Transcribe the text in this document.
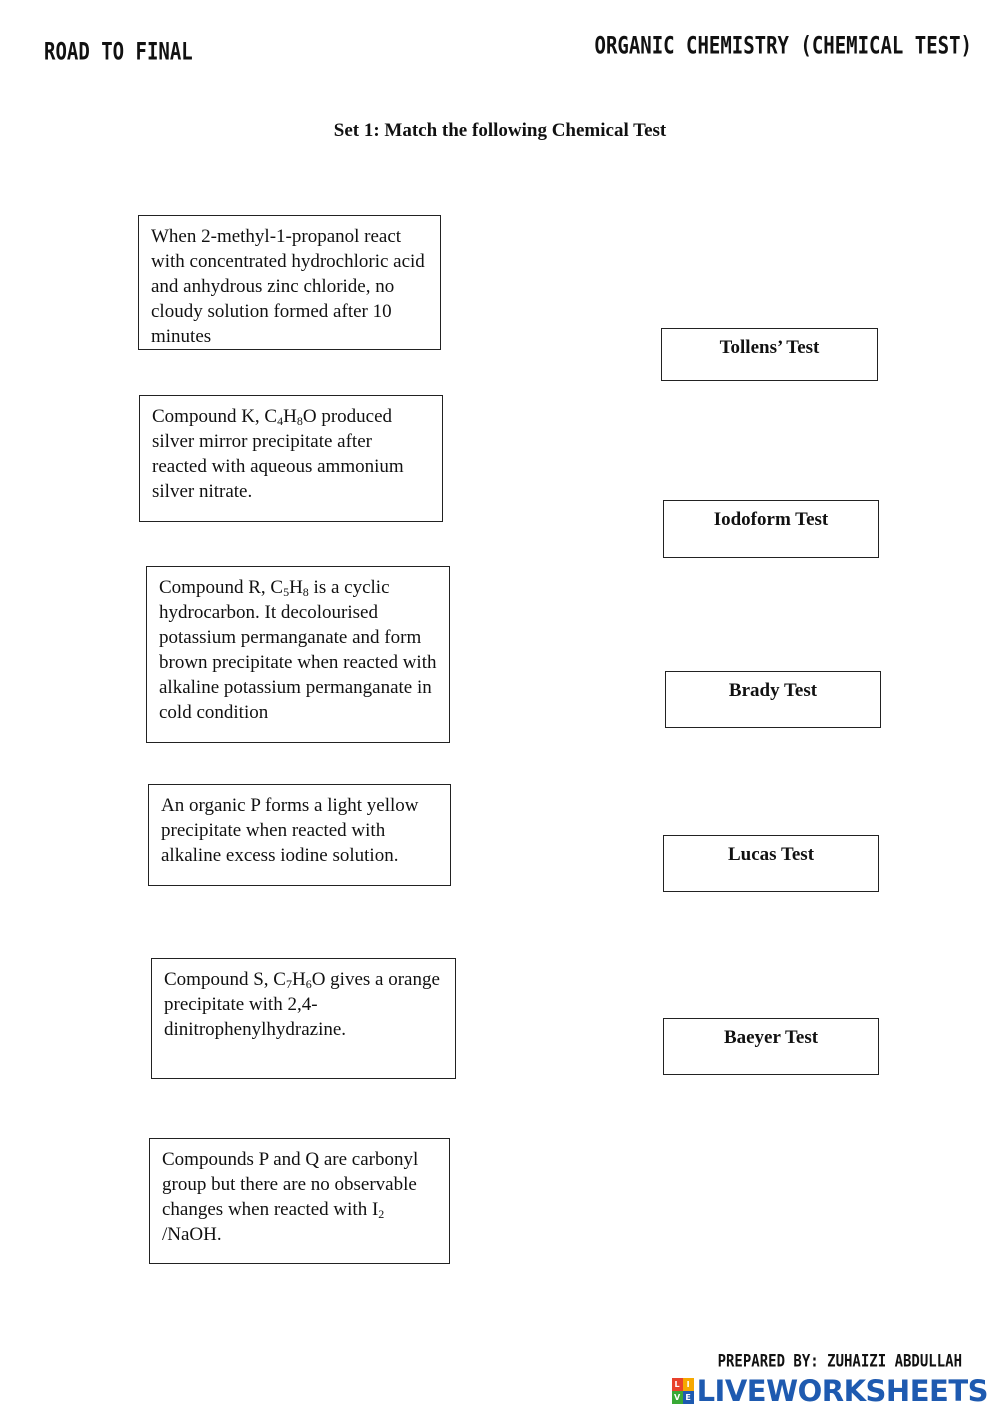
ROAD TO FINAL	ORGANIC CHEMISTRY (CHEMICAL TEST)
Set 1: Match the following Chemical Test
When 2-methyl-1-propanol react with concentrated hydrochloric acid and anhydrous zinc chloride, no cloudy solution formed after 10 minutes
Compound K, $C_4H_8O$ produced silver mirror precipitate after reacted with aqueous ammonium silver nitrate.
Compound R, $C_5H_8$ is a cyclic hydrocarbon. It decolourised potassium permanganate and form brown precipitate when reacted with alkaline potassium permanganate in cold condition
An organic P forms a light yellow precipitate when reacted with alkaline excess iodine solution.
Compound S, $C_7H_6O$ gives a orange precipitate with 2,4-dinitrophenylhydrazine.
Compounds P and Q are carbonyl group but there are no observable changes when reacted with $I_2$ /NaOH.
Tollens’ Test
Iodoform Test
Brady Test
Lucas Test
Baeyer Test
PREPARED BY: ZUHAIZI ABDULLAH
L I
V E LIVEWORKSHEETS
